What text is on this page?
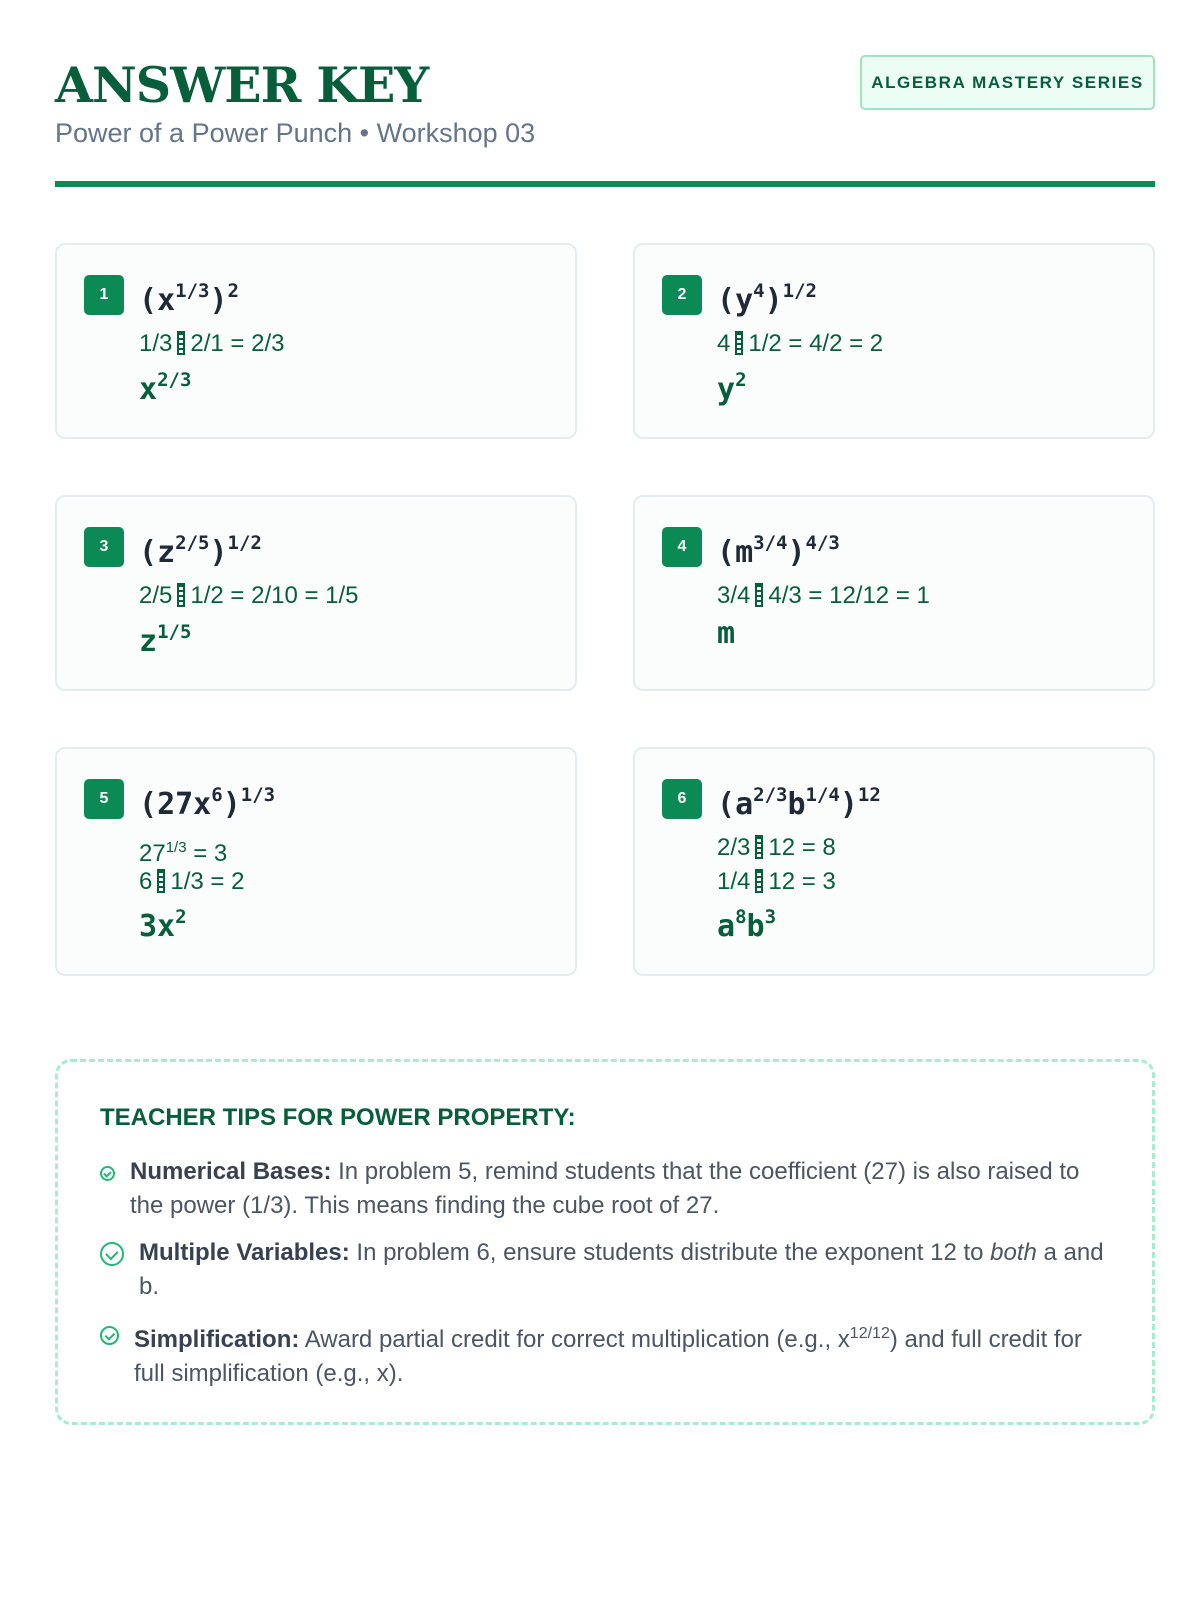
ANSWER KEY
Power of a Power Punch • Workshop 03
ALGEBRA MASTERY SERIES
1	$(x^{1/3})^2$
1/3 2/1 = 2/3
$x^{2/3}$
2	$(y^4)^{1/2}$
4 1/2 = 4/2 = 2
$y^2$
3	$(z^{2/5})^{1/2}$
2/5 1/2 = 2/10 = 1/5
$z^{1/5}$
4	$(m^{3/4})^{4/3}$
3/4 4/3 = 12/12 = 1
m
5	$(27x^6)^{1/3}$
$27^{1/3} = 3$
6 1/3 = 2
$3x^2$
6	$(a^{2/3}b^{1/4})^{12}$
2/3 12 = 8
1/4 12 = 3
$a^8b^3$
TEACHER TIPS FOR POWER PROPERTY:
Numerical Bases: In problem 5, remind students that the coefficient (27) is also raised to the power (1/3). This means finding the cube root of 27.
Multiple Variables: In problem 6, ensure students distribute the exponent 12 to both a and b.
Simplification: Award partial credit for correct multiplication (e.g., $x^{12/12}$) and full credit for full simplification (e.g., x).
